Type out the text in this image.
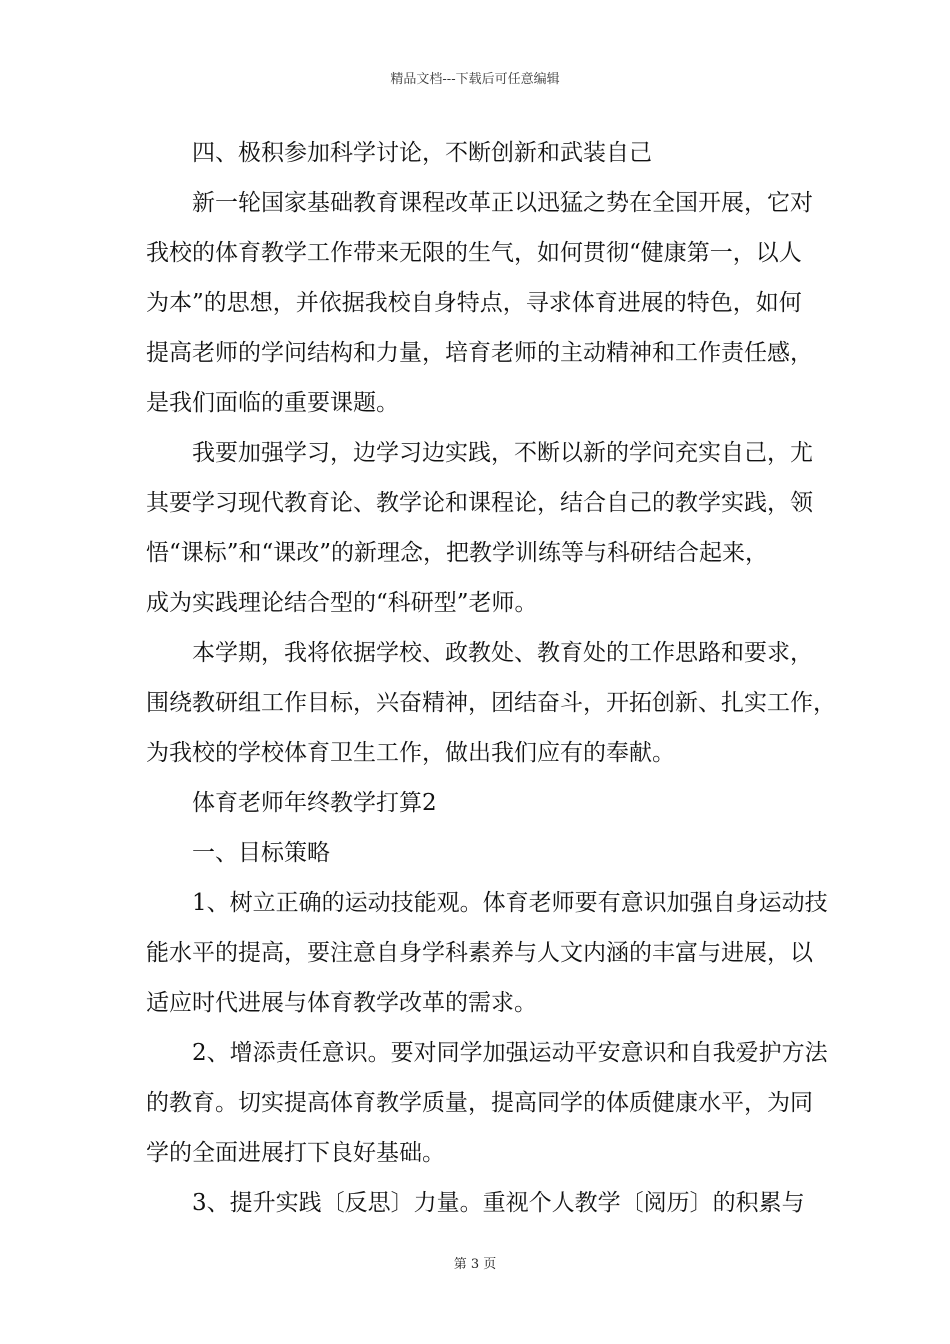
精品文档---下载后可任意编辑

四、极积参加科学讨论，不断创新和武装自己

新一轮国家基础教育课程改革正以迅猛之势在全国开展，它对

我校的体育教学工作带来无限的生气，如何贯彻“健康第一，以人

为本”的思想，并依据我校自身特点，寻求体育进展的特色，如何

提高老师的学问结构和力量，培育老师的主动精神和工作责任感，

是我们面临的重要课题。

我要加强学习，边学习边实践，不断以新的学问充实自己，尤

其要学习现代教育论、教学论和课程论，结合自己的教学实践，领

悟“课标”和“课改”的新理念，把教学训练等与科研结合起来，

成为实践理论结合型的“科研型”老师。

本学期，我将依据学校、政教处、教育处的工作思路和要求，

围绕教研组工作目标，兴奋精神，团结奋斗，开拓创新、扎实工作，

为我校的学校体育卫生工作，做出我们应有的奉献。

体育老师年终教学打算2

一、目标策略

1、树立正确的运动技能观。体育老师要有意识加强自身运动技

能水平的提高，要注意自身学科素养与人文内涵的丰富与进展，以

适应时代进展与体育教学改革的需求。

2、增添责任意识。要对同学加强运动平安意识和自我爱护方法

的教育。切实提高体育教学质量，提高同学的体质健康水平，为同

学的全面进展打下良好基础。

3、提升实践〔反思〕力量。重视个人教学〔阅历〕的积累与

第 3 页
